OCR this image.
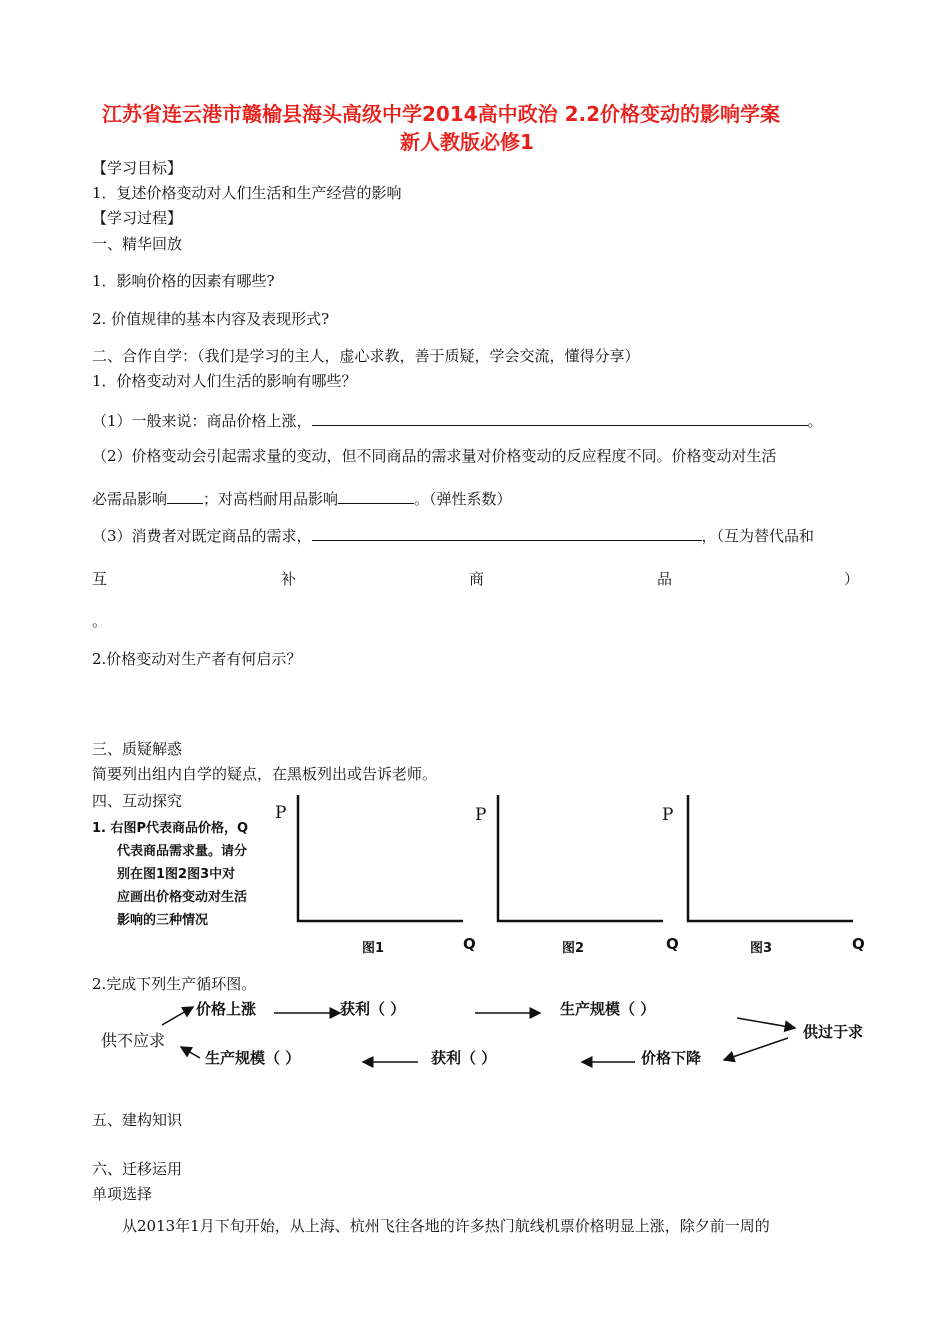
江苏省连云港市赣榆县海头高级中学2014高中政治 2.2价格变动的影响学案
新人教版必修1
【学习目标】
1．复述价格变动对人们生活和生产经营的影响
【学习过程】
一、精华回放
1．影响价格的因素有哪些?
2. 价值规律的基本内容及表现形式?
二、合作自学：（我们是学习的主人，虚心求教，善于质疑，学会交流，懂得分享）
1．价格变动对人们生活的影响有哪些？
（1）一般来说：商品价格上涨，	。
（2）价格变动会引起需求量的变动，但不同商品的需求量对价格变动的反应程度不同。价格变动对生活
必需品影响 ；对高档耐用品影响	。（弹性系数）
（3）消费者对既定商品的需求，	，（互为替代品和
互	补	商	品	）
。
2.价格变动对生产者有何启示？
三、质疑解惑
简要列出组内自学的疑点，在黑板列出或告诉老师。
四、互动探究
1. 右图P代表商品价格，Q
代表商品需求量。请分
别在图1图2图3中对
应画出价格变动对生活
影响的三种情况
P	P	P
图1	图2	图3
Q	Q	Q
2.完成下列生产循环图。
价格上涨	获利（ ）	生产规模（ ）
供过于求
价格下降
获利（ ）
生产规模（ ）
供不应求
五、建构知识
六、迁移运用
单项选择
从2013年1月下旬开始，从上海、杭州飞往各地的许多热门航线机票价格明显上涨，除夕前一周的
